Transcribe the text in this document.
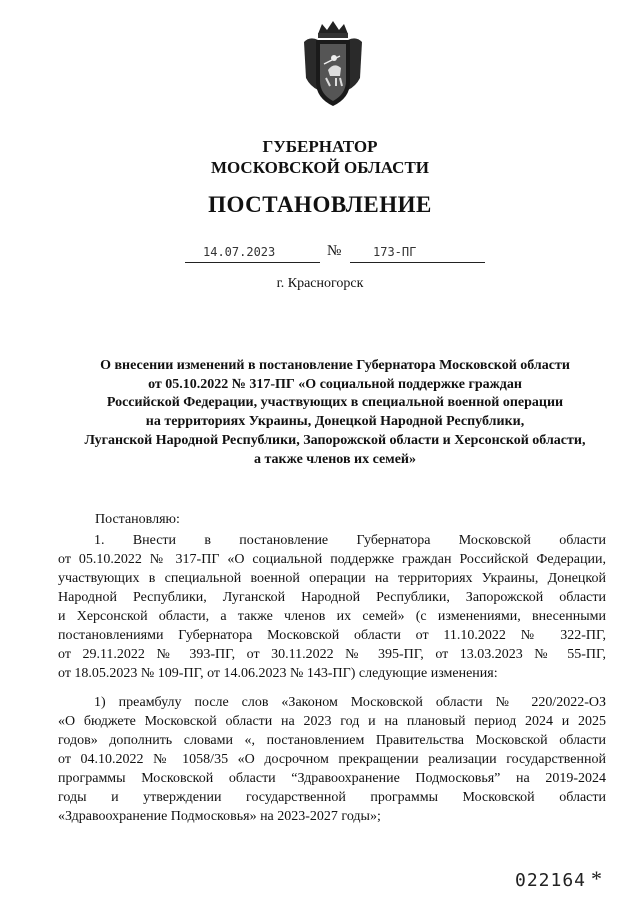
ГУБЕРНАТОР
МОСКОВСКОЙ ОБЛАСТИ
ПОСТАНОВЛЕНИЕ
14.07.2023	№	173-ПГ
г. Красногорск
О внесении изменений в постановление Губернатора Московской области
от 05.10.2022 № 317-ПГ «О социальной поддержке граждан
Российской Федерации, участвующих в специальной военной операции
на территориях Украины, Донецкой Народной Республики,
Луганской Народной Республики, Запорожской области и Херсонской области,
а также членов их семей»
Постановляю:
1. Внести в постановление Губернатора Московской области
от 05.10.2022 № 317-ПГ «О социальной поддержке граждан Российской Федерации,
участвующих в специальной военной операции на территориях Украины, Донецкой
Народной Республики, Луганской Народной Республики, Запорожской области
и Херсонской области, а также членов их семей» (с изменениями, внесенными
постановлениями Губернатора Московской области от 11.10.2022 № 322-ПГ,
от 29.11.2022 № 393-ПГ, от 30.11.2022 № 395-ПГ, от 13.03.2023 № 55-ПГ,
от 18.05.2023 № 109-ПГ, от 14.06.2023 № 143-ПГ) следующие изменения:
1) преамбулу после слов «Законом Московской области № 220/2022-ОЗ
«О бюджете Московской области на 2023 год и на плановый период 2024 и 2025
годов» дополнить словами «, постановлением Правительства Московской области
от 04.10.2022 № 1058/35 «О досрочном прекращении реализации государственной
программы Московской области “Здравоохранение Подмосковья” на 2019-2024
годы и утверждении государственной программы Московской области
«Здравоохранение Подмосковья» на 2023-2027 годы»;
022164 *
